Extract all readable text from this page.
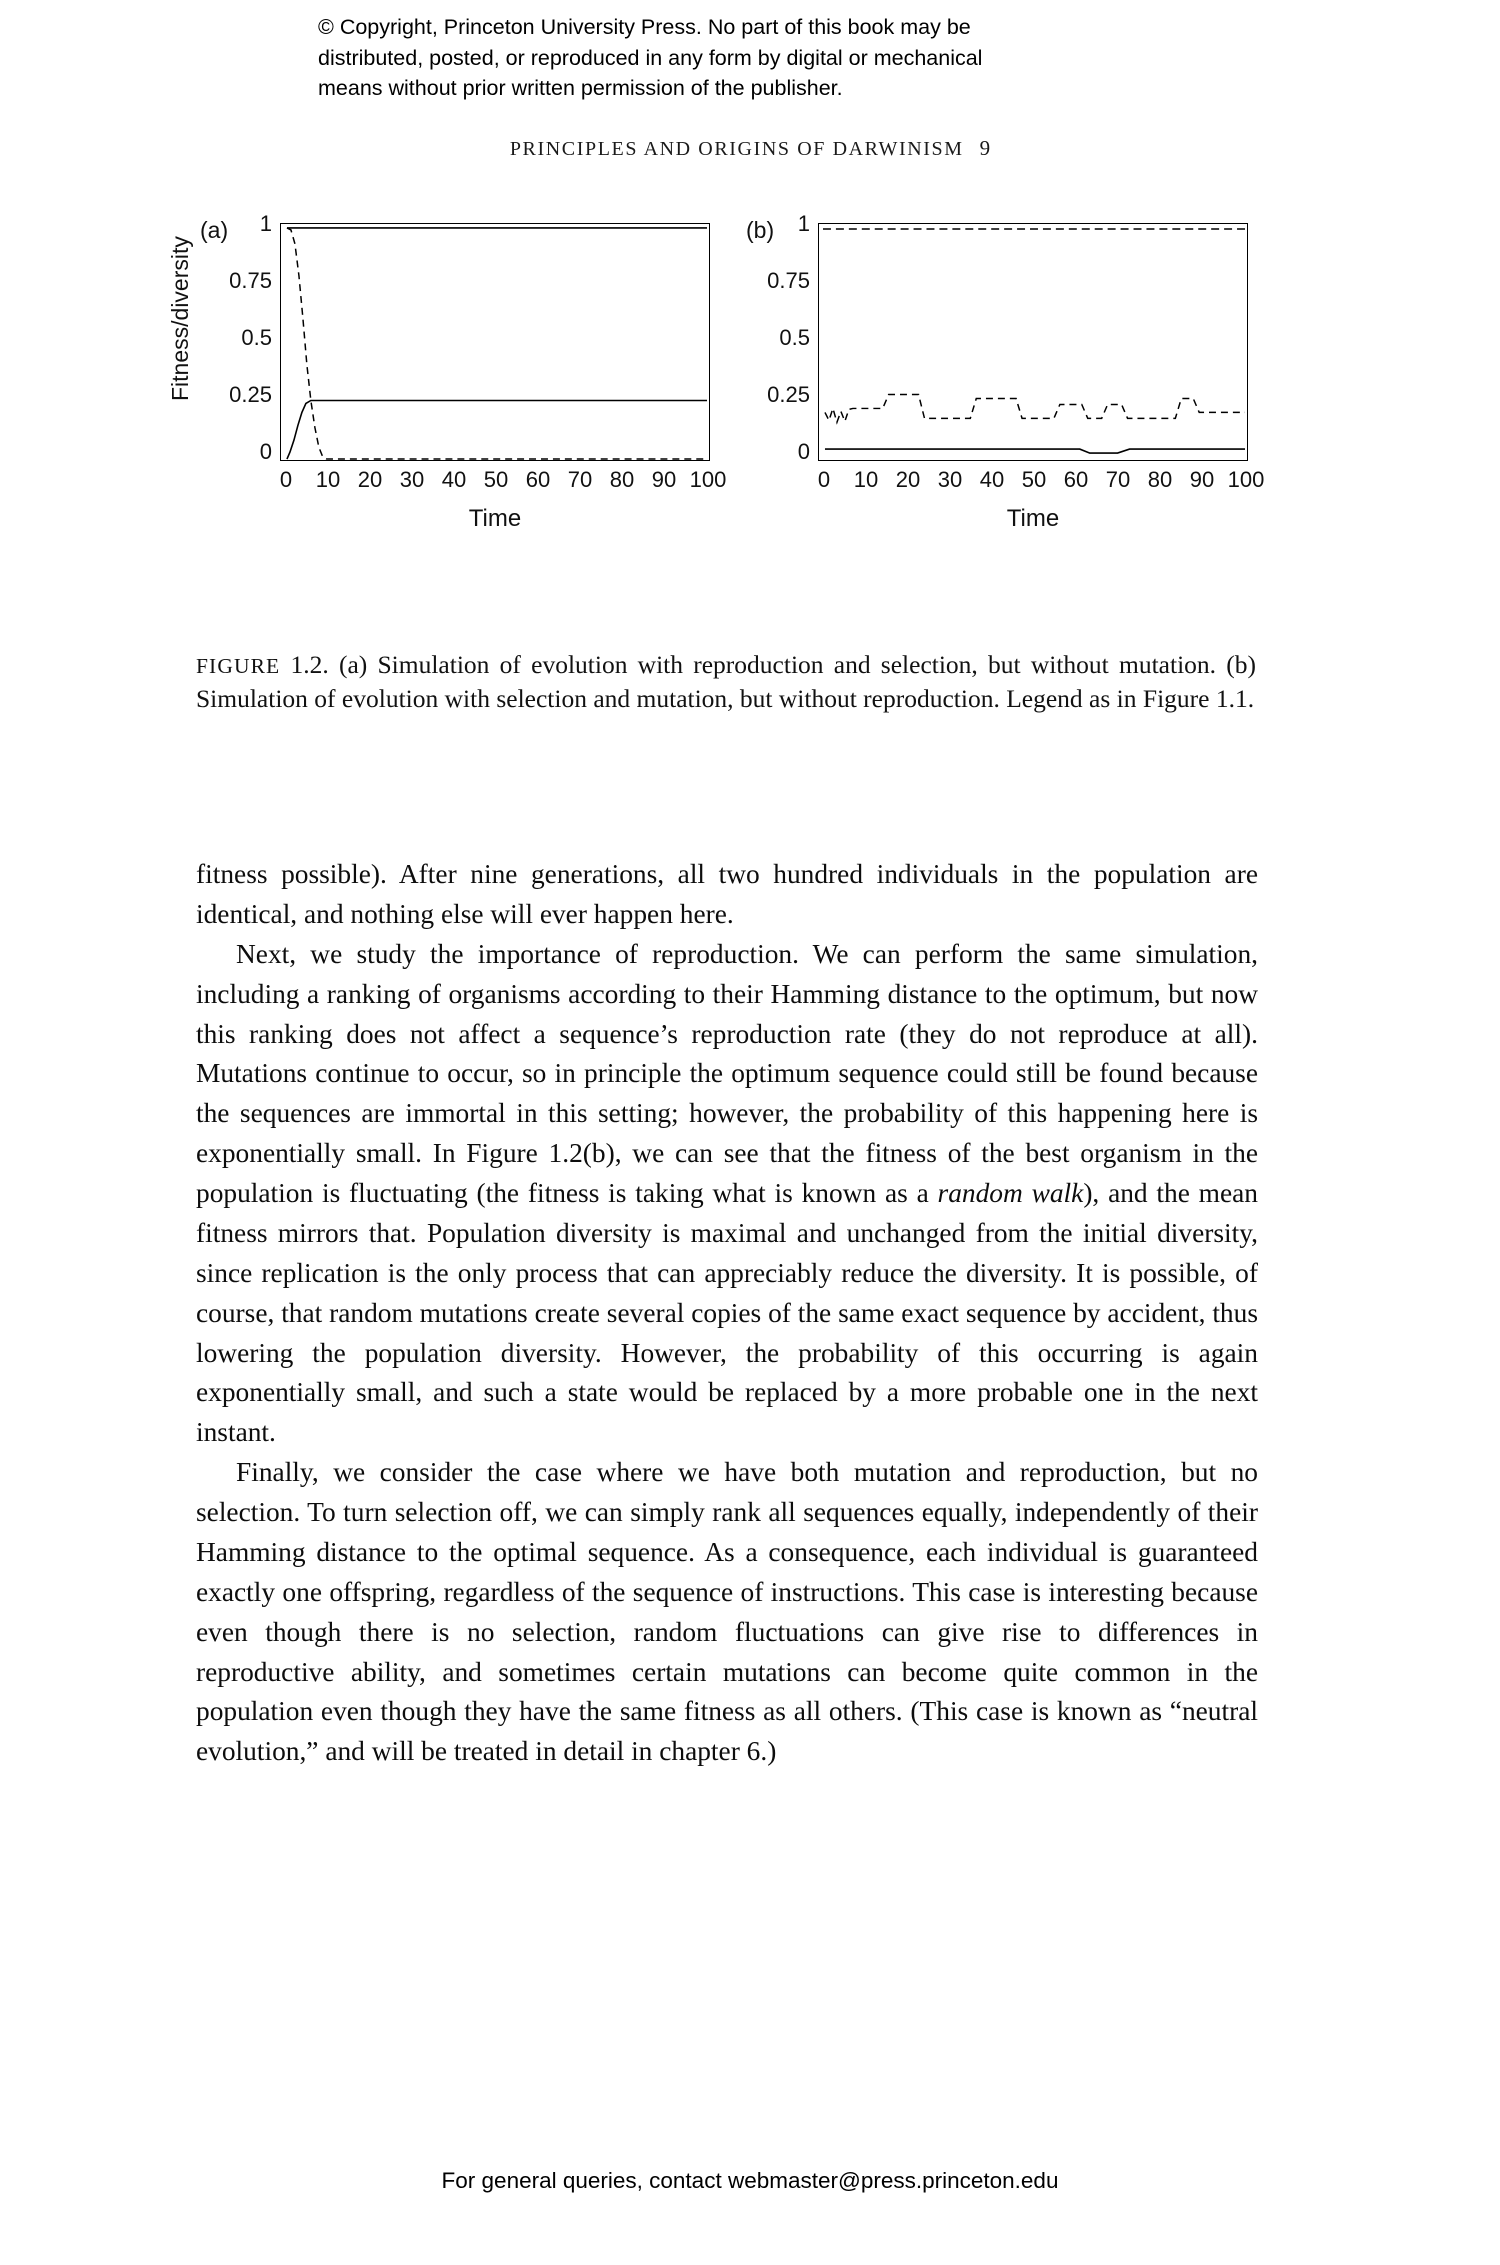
© Copyright, Princeton University Press. No part of this book may be
distributed, posted, or reproduced in any form by digital or mechanical
means without prior written permission of the publisher.
PRINCIPLES AND ORIGINS OF DARWINISM 9
(a)	(b)
Fitness/diversity
1
0.75
0.5
0.25
0
1
0.75
0.5
0.25
0
0 10 20 30 40 50 60 70 80 90 100	0 10 20 30 40 50 60 70 80 90 100
Time	Time
FIGURE 1.2. (a) Simulation of evolution with reproduction and selection, but without mutation. (b) Simulation of evolution with selection and mutation, but without reproduction. Legend as in Figure 1.1.

fitness possible). After nine generations, all two hundred individuals in the population are identical, and nothing else will ever happen here.

Next, we study the importance of reproduction. We can perform the same simulation, including a ranking of organisms according to their Hamming distance to the optimum, but now this ranking does not affect a sequence’s reproduction rate (they do not reproduce at all). Mutations continue to occur, so in principle the optimum sequence could still be found because the sequences are immortal in this setting; however, the probability of this happening here is exponentially small. In Figure 1.2(b), we can see that the fitness of the best organism in the population is fluctuating (the fitness is taking what is known as a random walk), and the mean fitness mirrors that. Population diversity is maximal and unchanged from the initial diversity, since replication is the only process that can appreciably reduce the diversity. It is possible, of course, that random mutations create several copies of the same exact sequence by accident, thus lowering the population diversity. However, the probability of this occurring is again exponentially small, and such a state would be replaced by a more probable one in the next instant.

Finally, we consider the case where we have both mutation and reproduction, but no selection. To turn selection off, we can simply rank all sequences equally, independently of their Hamming distance to the optimal sequence. As a consequence, each individual is guaranteed exactly one offspring, regardless of the sequence of instructions. This case is interesting because even though there is no selection, random fluctuations can give rise to differences in reproductive ability, and sometimes certain mutations can become quite common in the population even though they have the same fitness as all others. (This case is known as “neutral evolution,” and will be treated in detail in chapter 6.)

For general queries, contact webmaster@press.princeton.edu
